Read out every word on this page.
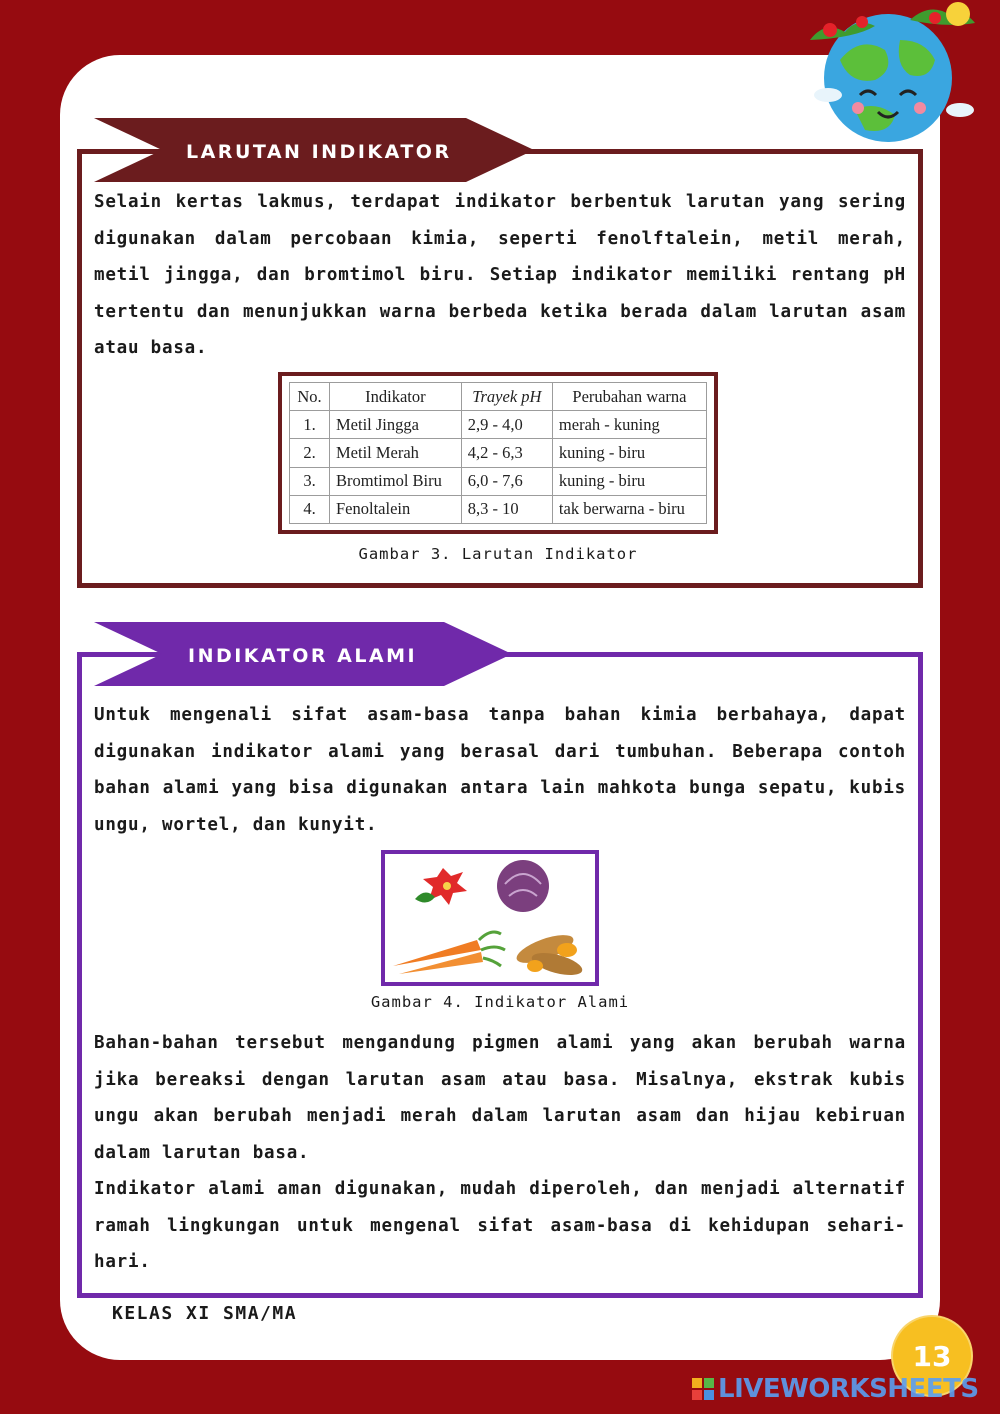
LARUTAN INDIKATOR
Selain kertas lakmus, terdapat indikator berbentuk larutan yang sering digunakan dalam percobaan kimia, seperti fenolftalein, metil merah, metil jingga, dan bromtimol biru. Setiap indikator memiliki rentang pH tertentu dan menunjukkan warna berbeda ketika berada dalam larutan asam atau basa.
No.	Indikator	Trayek pH	Perubahan warna
1.	Metil Jingga	2,9 - 4,0	merah - kuning
2.	Metil Merah	4,2 - 6,3	kuning - biru
3.	Bromtimol Biru	6,0 - 7,6	kuning - biru
4.	Fenoltalein	8,3 - 10	tak berwarna - biru
Gambar 3. Larutan Indikator
INDIKATOR ALAMI
Untuk mengenali sifat asam-basa tanpa bahan kimia berbahaya, dapat digunakan indikator alami yang berasal dari tumbuhan. Beberapa contoh bahan alami yang bisa digunakan antara lain mahkota bunga sepatu, kubis ungu, wortel, dan kunyit.
Gambar 4. Indikator Alami
Bahan-bahan tersebut mengandung pigmen alami yang akan berubah warna jika bereaksi dengan larutan asam atau basa. Misalnya, ekstrak kubis ungu akan berubah menjadi merah dalam larutan asam dan hijau kebiruan dalam larutan basa.
Indikator alami aman digunakan, mudah diperoleh, dan menjadi alternatif ramah lingkungan untuk mengenal sifat asam-basa di kehidupan sehari-hari.
KELAS XI SMA/MA
13
LIVEWORKSHEETS
